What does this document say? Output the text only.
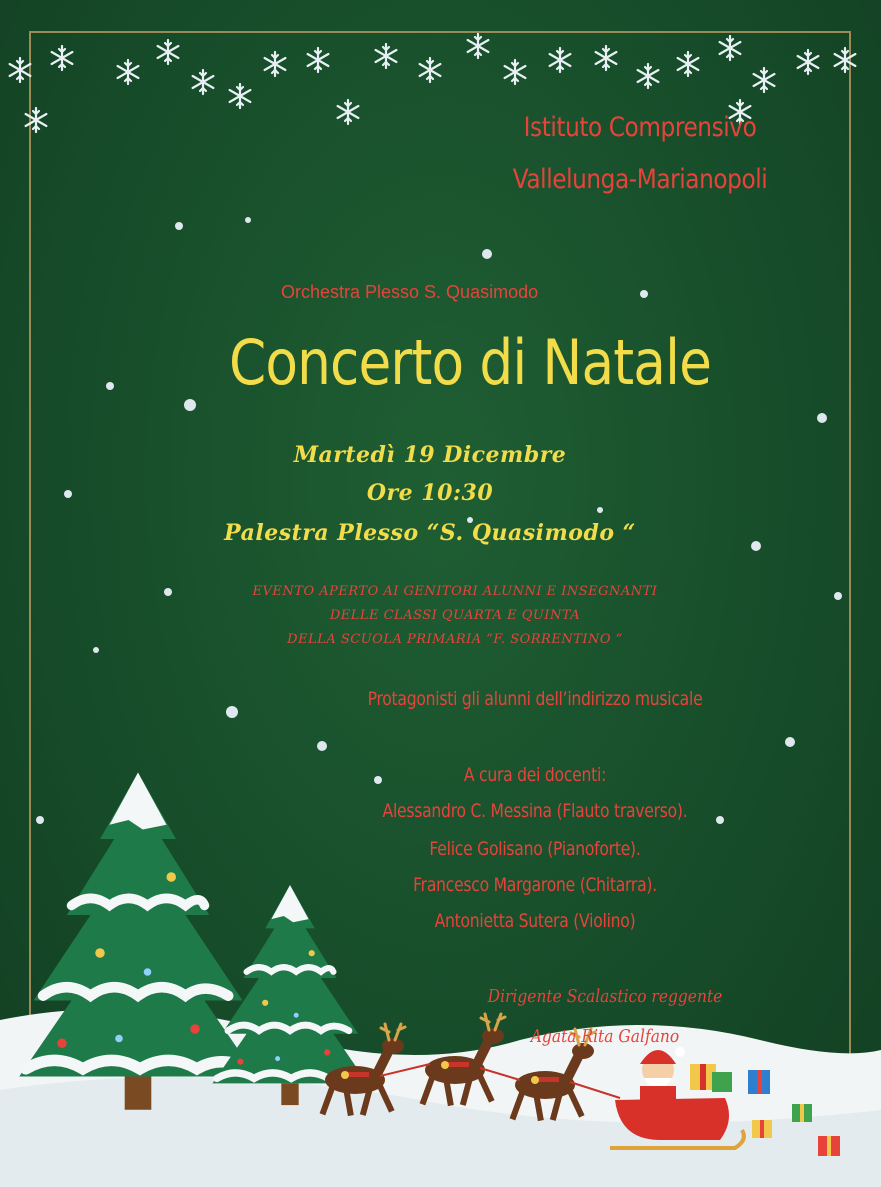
Istituto Comprensivo
Vallelunga-Marianopoli
Orchestra Plesso S. Quasimodo
Concerto di Natale
Martedì 19 Dicembre
Ore 10:30
Palestra Plesso “S. Quasimodo “
EVENTO APERTO AI GENITORI ALUNNI E INSEGNANTI
DELLE CLASSI QUARTA E QUINTA
DELLA SCUOLA PRIMARIA “F. SORRENTINO “
Protagonisti gli alunni dell’indirizzo musicale
A cura dei docenti:
Alessandro C. Messina (Flauto traverso).
Felice Golisano (Pianoforte).
Francesco Margarone (Chitarra).
Antonietta Sutera (Violino)
Dirigente Scalastico reggente
Agata Rita Galfano
